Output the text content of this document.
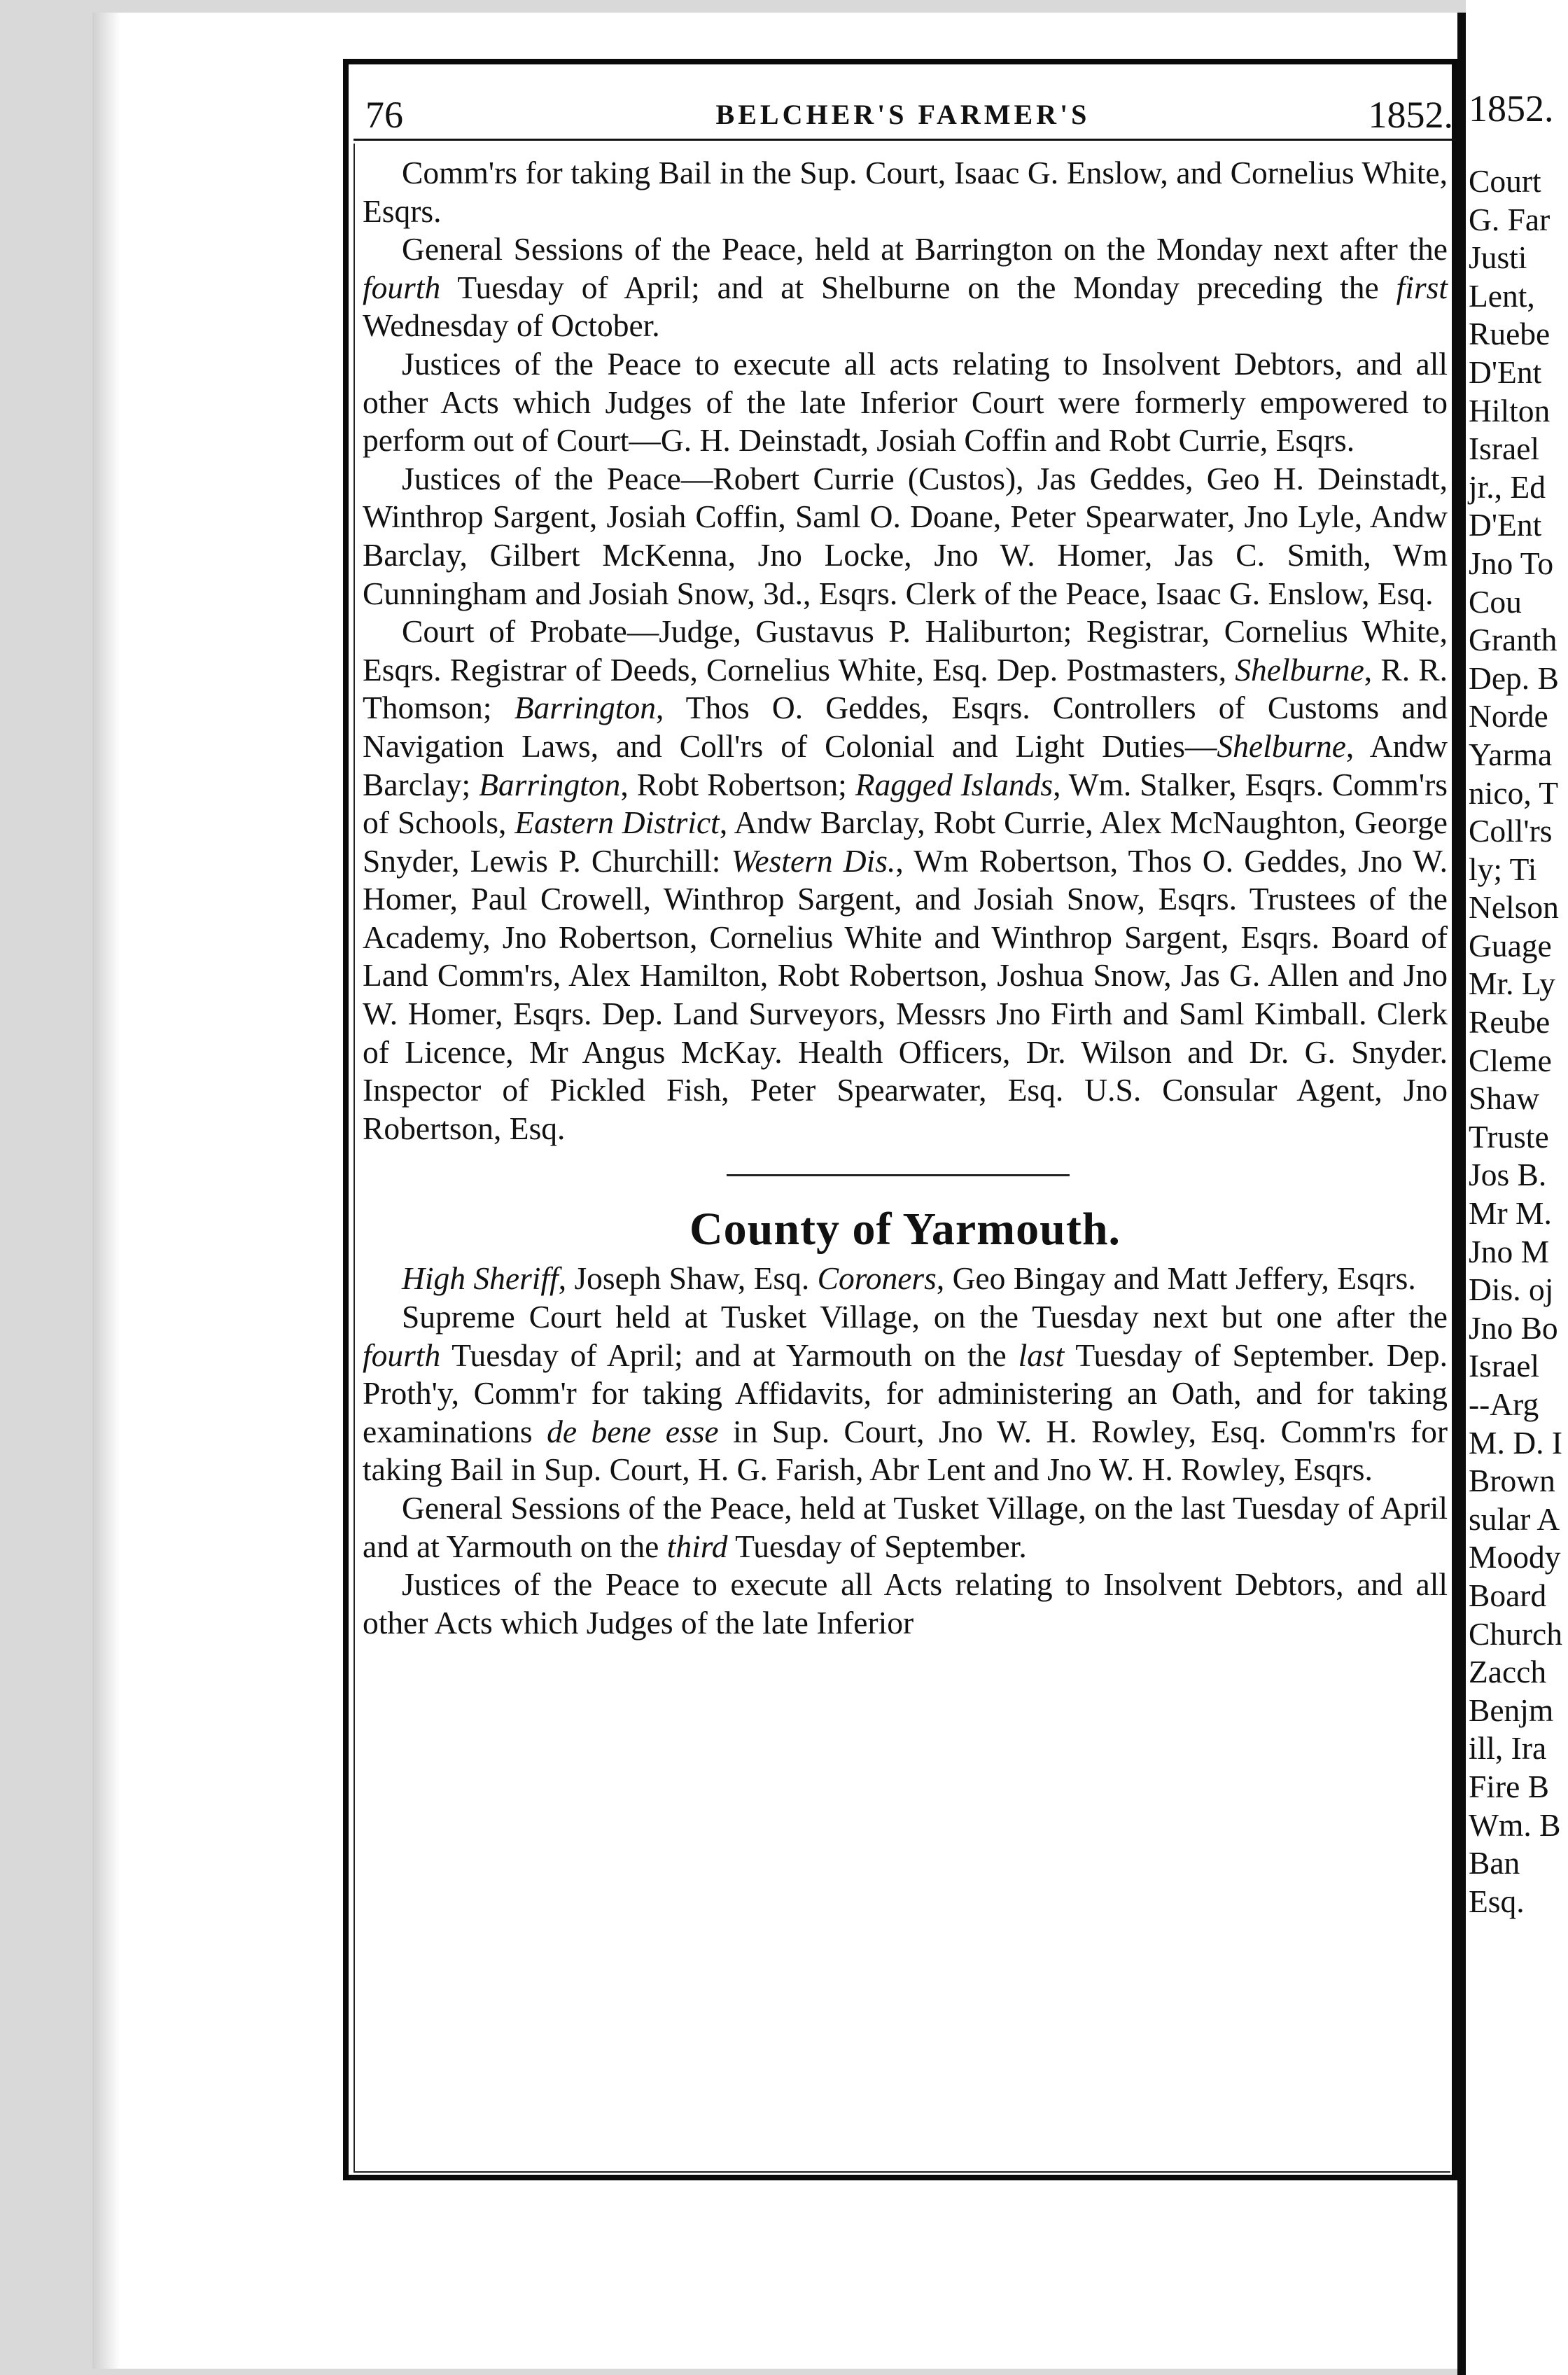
76	BELCHER'S FARMER'S	1852.

Comm'rs for taking Bail in the Sup. Court, Isaac G. Enslow, and Cornelius White, Esqrs.

General Sessions of the Peace, held at Barrington on the Monday next after the fourth Tuesday of April; and at Shelburne on the Monday preceding the first Wednesday of October.

Justices of the Peace to execute all acts relating to Insolvent Debtors, and all other Acts which Judges of the late Inferior Court were formerly empowered to perform out of Court—G. H. Deinstadt, Josiah Coffin and Robt Currie, Esqrs.

Justices of the Peace—Robert Currie (Custos), Jas Geddes, Geo H. Deinstadt, Winthrop Sargent, Josiah Coffin, Saml O. Doane, Peter Spearwater, Jno Lyle, Andw Barclay, Gilbert McKenna, Jno Locke, Jno W. Homer, Jas C. Smith, Wm Cunningham and Josiah Snow, 3d., Esqrs. Clerk of the Peace, Isaac G. Enslow, Esq.

Court of Probate—Judge, Gustavus P. Haliburton; Registrar, Cornelius White, Esqrs. Registrar of Deeds, Cornelius White, Esq. Dep. Postmasters, Shelburne, R. R. Thomson; Barrington, Thos O. Geddes, Esqrs. Controllers of Customs and Navigation Laws, and Coll'rs of Colonial and Light Duties—Shelburne, Andw Barclay; Barrington, Robt Robertson; Ragged Islands, Wm. Stalker, Esqrs. Comm'rs of Schools, Eastern District, Andw Barclay, Robt Currie, Alex McNaughton, George Snyder, Lewis P. Churchill: Western Dis., Wm Robertson, Thos O. Geddes, Jno W. Homer, Paul Crowell, Winthrop Sargent, and Josiah Snow, Esqrs. Trustees of the Academy, Jno Robertson, Cornelius White and Winthrop Sargent, Esqrs. Board of Land Comm'rs, Alex Hamilton, Robt Robertson, Joshua Snow, Jas G. Allen and Jno W. Homer, Esqrs. Dep. Land Surveyors, Messrs Jno Firth and Saml Kimball. Clerk of Licence, Mr Angus McKay. Health Officers, Dr. Wilson and Dr. G. Snyder. Inspector of Pickled Fish, Peter Spearwater, Esq. U.S. Consular Agent, Jno Robertson, Esq.

County of Yarmouth.

High Sheriff, Joseph Shaw, Esq. Coroners, Geo Bingay and Matt Jeffery, Esqrs.

Supreme Court held at Tusket Village, on the Tuesday next but one after the fourth Tuesday of April; and at Yarmouth on the last Tuesday of September. Dep. Proth'y, Comm'r for taking Affidavits, for administering an Oath, and for taking examinations de bene esse in Sup. Court, Jno W. H. Rowley, Esq. Comm'rs for taking Bail in Sup. Court, H. G. Farish, Abr Lent and Jno W. H. Rowley, Esqrs.

General Sessions of the Peace, held at Tusket Village, on the last Tuesday of April and at Yarmouth on the third Tuesday of September.

Justices of the Peace to execute all Acts relating to Insolvent Debtors, and all other Acts which Judges of the late Inferior

1852.
Court
G. Far
Justi
Lent,
Ruebe
D'Ent
Hilton
Israel
jr., Ed
D'Ent
Jno To
Cou
Granth
Dep. B
Norde
Yarma
nico, T
Coll'rs
ly; Ti
Nelson
Guage
Mr. Ly
Reube
Cleme
Shaw
Truste
Jos B.
Mr M.
Jno M
Dis. oj
Jno Bo
Israel
--Arg
M. D. I
Brown
sular A
Moody
Board
Church
Zacch
Benjm
ill, Ira
Fire B
Wm. B
Ban
Esq.
